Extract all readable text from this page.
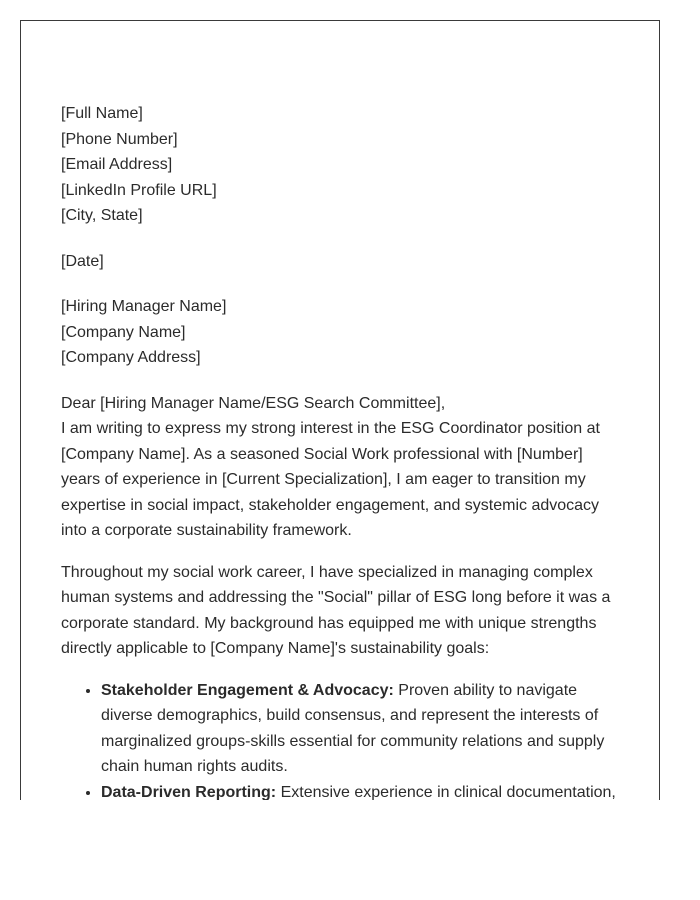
[Full Name]
[Phone Number]
[Email Address]
[LinkedIn Profile URL]
[City, State]
[Date]
[Hiring Manager Name]
[Company Name]
[Company Address]
Dear [Hiring Manager Name/ESG Search Committee],

I am writing to express my strong interest in the ESG Coordinator position at [Company Name]. As a seasoned Social Work professional with [Number] years of experience in [Current Specialization], I am eager to transition my expertise in social impact, stakeholder engagement, and systemic advocacy into a corporate sustainability framework.

Throughout my social work career, I have specialized in managing complex human systems and addressing the "Social" pillar of ESG long before it was a corporate standard. My background has equipped me with unique strengths directly applicable to [Company Name]'s sustainability goals:

• Stakeholder Engagement & Advocacy: Proven ability to navigate diverse demographics, build consensus, and represent the interests of marginalized groups-skills essential for community relations and supply chain human rights audits.
• Data-Driven Reporting: Extensive experience in clinical documentation,
